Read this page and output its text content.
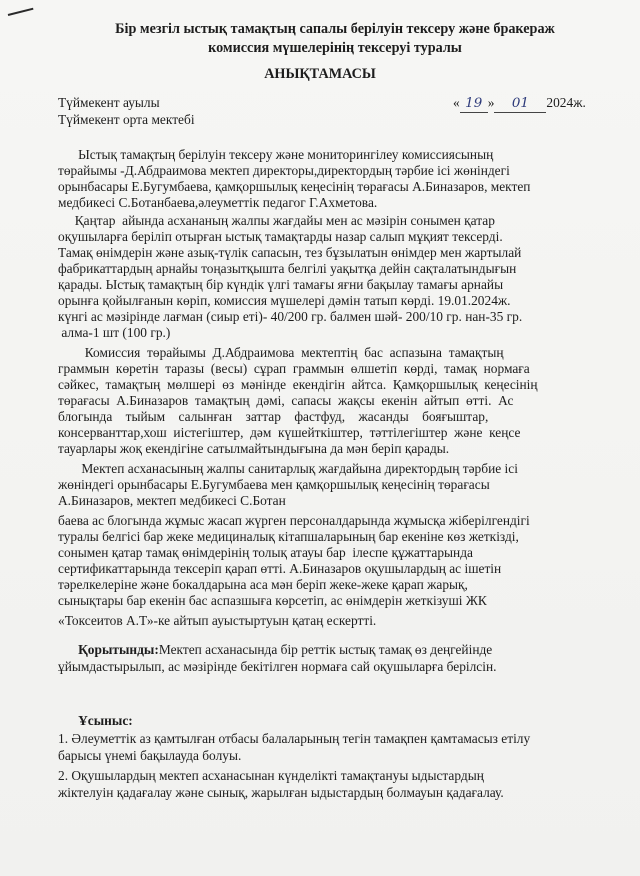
Бір мезгіл ыстық тамақтың сапалы берілуін тексеру және бракераж
комиссия мүшелерінің тексеруі туралы
АНЫҚТАМАСЫ
Түймекент ауылы
Түймекент орта мектебі
« 19 » 01 2024ж.
Ыстық тамақтың берілуін тексеру және мониторингілеу комиссиясының
төрайымы -Д.Абдраимова мектеп директоры,директордың тәрбие ісі жөніндегі
орынбасары Е.Бугумбаева, қамқоршылық кеңесінің төрағасы А.Биназаров, мектеп
медбикесі С.Ботанбаева,әлеуметтік педагог Г.Ахметова.
Қаңтар  айында асхананың жалпы жағдайы мен ас мәзірін сонымен қатар
оқушыларға беріліп отырған ыстық тамақтарды назар салып мұқият тексерді.
Тамақ өнімдерін және азық-түлік сапасын, тез бұзылатын өнімдер мен жартылай
фабрикаттардың арнайы тоңазытқышта белгілі уақытқа дейін сақталатындығын
қарады. Ыстық тамақтың бір күндік үлгі тамағы яғни бақылау тамағы арнайы
орынға қойылғанын көріп, комиссия мүшелері дәмін татып көрді. 19.01.2024ж.
күнгі ас мәзірінде лағман (сиыр еті)- 40/200 гр. балмен шәй- 200/10 гр. нан-35 гр.
алма-1 шт (100 гр.)
Комиссия  төрайымы  Д.Абдраимова  мектептің  бас  аспазына  тамақтың
граммын  көретін  таразы  (весы)  сұрап  граммын  өлшетіп  көрді,  тамақ  нормаға
сәйкес,  тамақтың  мөлшері  өз  мәнінде  екендігін  айтса.  Қамқоршылық  кеңесінің
төрағасы  А.Биназаров  тамақтың  дәмі,  сапасы  жақсы  екенін  айтып  өтті.  Ас
блогында    тыйым    салынған    заттар    фастфуд,    жасанды    бояғыштар,
консерванттар,хош  иістегіштер,  дәм  күшейткіштер,  тәттілегіштер  және  кеңсе
тауарлары жоқ екендігіне сатылмайтындығына да мән беріп қарады.
Мектеп асханасының жалпы санитарлық жағдайына директордың тәрбие ісі
жөніндегі орынбасары Е.Бугумбаева мен қамқоршылық кеңесінің төрағасы
А.Биназаров, мектеп медбикесі С.Ботан
баева ас блогында жұмыс жасап жүрген персоналдарында жұмысқа жіберілгендігі
туралы белгісі бар жеке медициналық кітапшаларының бар екеніне көз жеткізді,
сонымен қатар тамақ өнімдерінің толық атауы бар  ілеспе құжаттарында
сертификаттарында тексеріп қарап өтті. А.Биназаров оқушылардың ас ішетін
тәрелкелеріне және бокалдарына аса мән беріп жеке-жеке қарап жарық,
сынықтары бар екенін бас аспазшыға көрсетіп, ас өнімдерін жеткізуші ЖК
«Токсеитов А.Т»-ке айтып ауыстыртуын қатаң ескертті.
Қорытынды:Мектеп асханасында бір реттік ыстық тамақ өз деңгейінде
ұйымдастырылып, ас мәзірінде бекітілген нормаға сай оқушыларға берілсін.
Ұсыныс:
1. Әлеуметтік аз қамтылған отбасы балаларының тегін тамақпен қамтамасыз етілу
барысы үнемі бақылауда болуы.
2. Оқушылардың мектеп асханасынан күнделікті тамақтануы ыдыстардың
жіктелуін қадағалау және сынық, жарылған ыдыстардың болмауын қадағалау.
